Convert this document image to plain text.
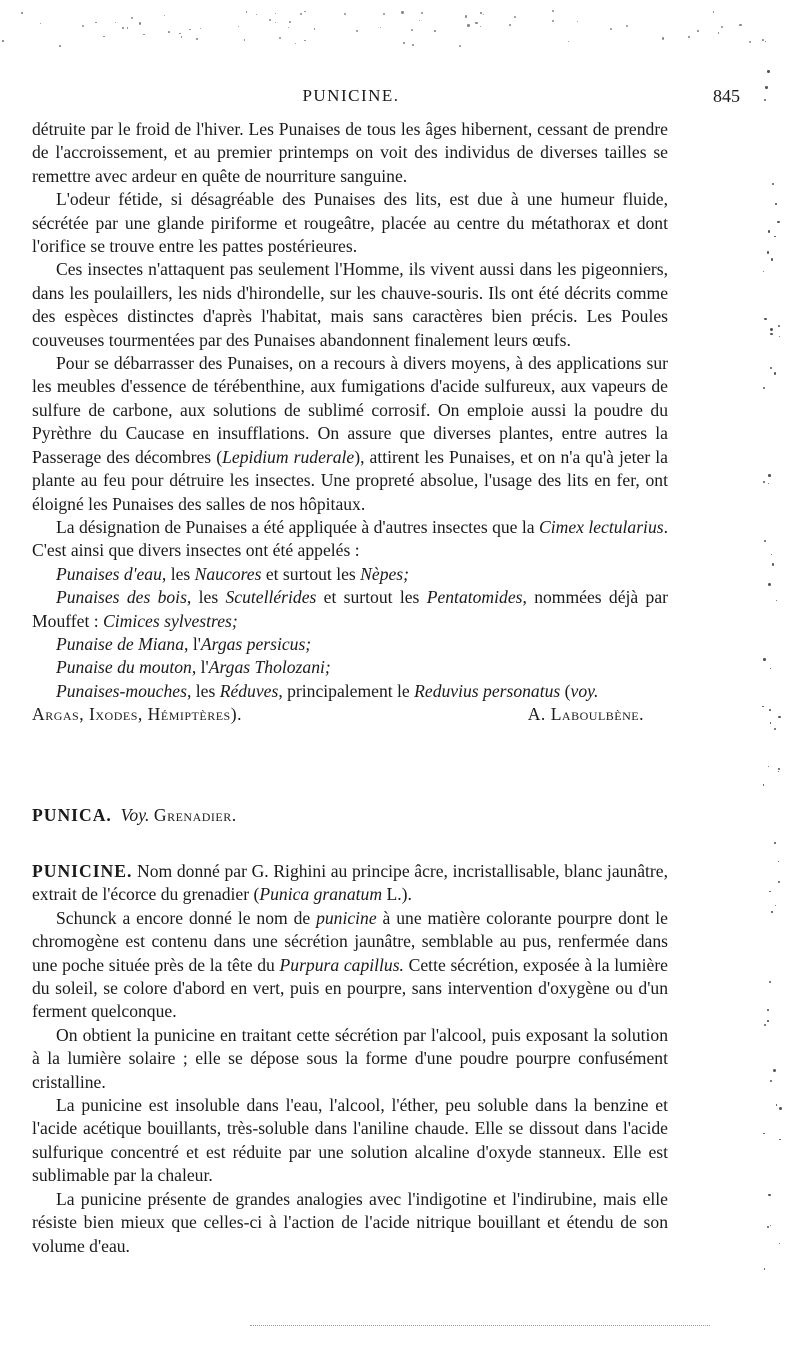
PUNICINE.	845

détruite par le froid de l'hiver. Les Punaises de tous les âges hibernent, cessant de prendre de l'accroissement, et au premier printemps on voit des individus de diverses tailles se remettre avec ardeur en quête de nourriture sanguine.

L'odeur fétide, si désagréable des Punaises des lits, est due à une humeur fluide, sécrétée par une glande piriforme et rougeâtre, placée au centre du métathorax et dont l'orifice se trouve entre les pattes postérieures.

Ces insectes n'attaquent pas seulement l'Homme, ils vivent aussi dans les pigeonniers, dans les poulaillers, les nids d'hirondelle, sur les chauve-souris. Ils ont été décrits comme des espèces distinctes d'après l'habitat, mais sans caractères bien précis. Les Poules couveuses tourmentées par des Punaises abandonnent finalement leurs œufs.

Pour se débarrasser des Punaises, on a recours à divers moyens, à des applications sur les meubles d'essence de térébenthine, aux fumigations d'acide sulfureux, aux vapeurs de sulfure de carbone, aux solutions de sublimé corrosif. On emploie aussi la poudre du Pyrèthre du Caucase en insufflations. On assure que diverses plantes, entre autres la Passerage des décombres (Lepidium ruderale), attirent les Punaises, et on n'a qu'à jeter la plante au feu pour détruire les insectes. Une propreté absolue, l'usage des lits en fer, ont éloigné les Punaises des salles de nos hôpitaux.

La désignation de Punaises a été appliquée à d'autres insectes que la Cimex lectularius. C'est ainsi que divers insectes ont été appelés :

Punaises d'eau, les Naucores et surtout les Nèpes;

Punaises des bois, les Scutellérides et surtout les Pentatomides, nommées déjà par Mouffet : Cimices sylvestres;

Punaise de Miana, l'Argas persicus;

Punaise du mouton, l'Argas Tholozani;

Punaises-mouches, les Réduves, principalement le Reduvius personatus (voy.

Argas, Ixodes, Hémiptères).	A. Laboulbène.

PUNICA. Voy. Grenadier.

PUNICINE. Nom donné par G. Righini au principe âcre, incristallisable, blanc jaunâtre, extrait de l'écorce du grenadier (Punica granatum L.).

Schunck a encore donné le nom de punicine à une matière colorante pourpre dont le chromogène est contenu dans une sécrétion jaunâtre, semblable au pus, renfermée dans une poche située près de la tête du Purpura capillus. Cette sécrétion, exposée à la lumière du soleil, se colore d'abord en vert, puis en pourpre, sans intervention d'oxygène ou d'un ferment quelconque.

On obtient la punicine en traitant cette sécrétion par l'alcool, puis exposant la solution à la lumière solaire ; elle se dépose sous la forme d'une poudre pourpre confusément cristalline.

La punicine est insoluble dans l'eau, l'alcool, l'éther, peu soluble dans la benzine et l'acide acétique bouillants, très-soluble dans l'aniline chaude. Elle se dissout dans l'acide sulfurique concentré et est réduite par une solution alcaline d'oxyde stanneux. Elle est sublimable par la chaleur.

La punicine présente de grandes analogies avec l'indigotine et l'indirubine, mais elle résiste bien mieux que celles-ci à l'action de l'acide nitrique bouillant et étendu de son volume d'eau.
